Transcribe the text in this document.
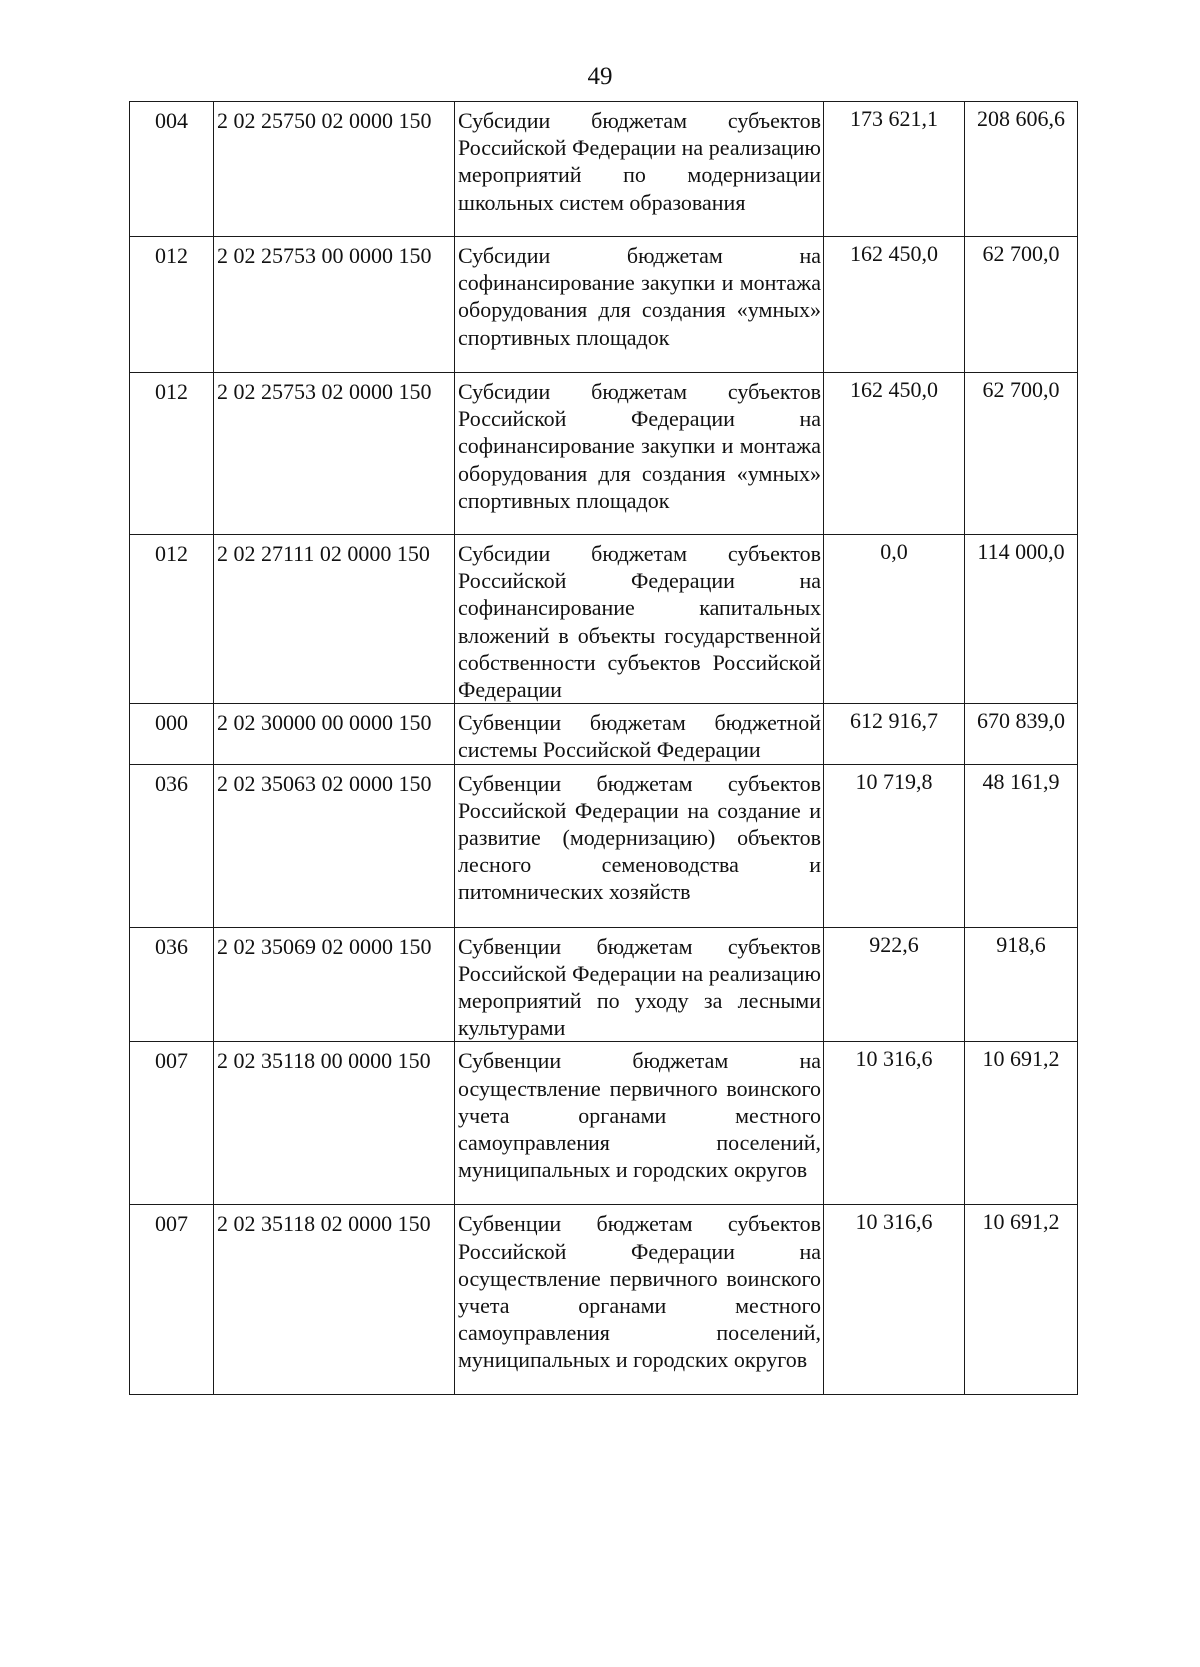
49
004	2 02 25750 02 0000 150	Субсидии бюджетам субъектов Российской Федерации на реализацию мероприятий по модернизации школьных систем образования	173 621,1	208 606,6
012	2 02 25753 00 0000 150	Субсидии бюджетам на софинансирование закупки и монтажа оборудования для создания «умных» спортивных площадок	162 450,0	62 700,0
012	2 02 25753 02 0000 150	Субсидии бюджетам субъектов Российской Федерации на софинансирование закупки и монтажа оборудования для создания «умных» спортивных площадок	162 450,0	62 700,0
012	2 02 27111 02 0000 150	Субсидии бюджетам субъектов Российской Федерации на софинансирование капитальных вложений в объекты государственной собственности субъектов Российской Федерации	0,0	114 000,0
000	2 02 30000 00 0000 150	Субвенции бюджетам бюджетной системы Российской Федерации	612 916,7	670 839,0
036	2 02 35063 02 0000 150	Субвенции бюджетам субъектов Российской Федерации на создание и развитие (модернизацию) объектов лесного семеноводства и питомнических хозяйств	10 719,8	48 161,9
036	2 02 35069 02 0000 150	Субвенции бюджетам субъектов Российской Федерации на реализацию мероприятий по уходу за лесными культурами	922,6	918,6
007	2 02 35118 00 0000 150	Субвенции бюджетам на осуществление первичного воинского учета органами местного самоуправления поселений, муниципальных и городских округов	10 316,6	10 691,2
007	2 02 35118 02 0000 150	Субвенции бюджетам субъектов Российской Федерации на осуществление первичного воинского учета органами местного самоуправления поселений, муниципальных и городских округов	10 316,6	10 691,2
